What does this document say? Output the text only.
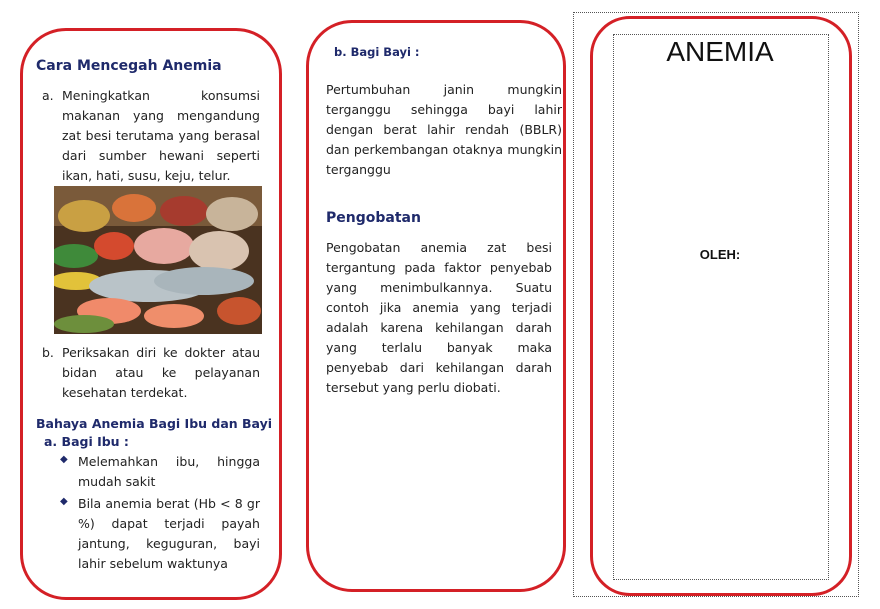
Cara Mencegah Anemia
a. Meningkatkan konsumsi makanan yang mengandung zat besi terutama yang berasal dari sumber hewani seperti ikan, hati, susu, keju, telur.
b. Periksakan diri ke dokter atau bidan atau ke pelayanan kesehatan terdekat.
Bahaya Anemia Bagi Ibu dan Bayi
a. Bagi Ibu :
◆ Melemahkan ibu, hingga mudah sakit
◆ Bila anemia berat (Hb < 8 gr %) dapat terjadi payah jantung, keguguran, bayi lahir sebelum waktunya
b. Bagi Bayi :
Pertumbuhan janin mungkin terganggu sehingga bayi lahir dengan berat lahir rendah (BBLR) dan perkembangan otaknya mungkin terganggu
Pengobatan
Pengobatan anemia zat besi tergantung pada faktor penyebab yang menimbulkannya. Suatu contoh jika anemia yang terjadi adalah karena kehilangan darah yang terlalu banyak maka penyebab dari kehilangan darah tersebut yang perlu diobati.
ANEMIA
OLEH:
